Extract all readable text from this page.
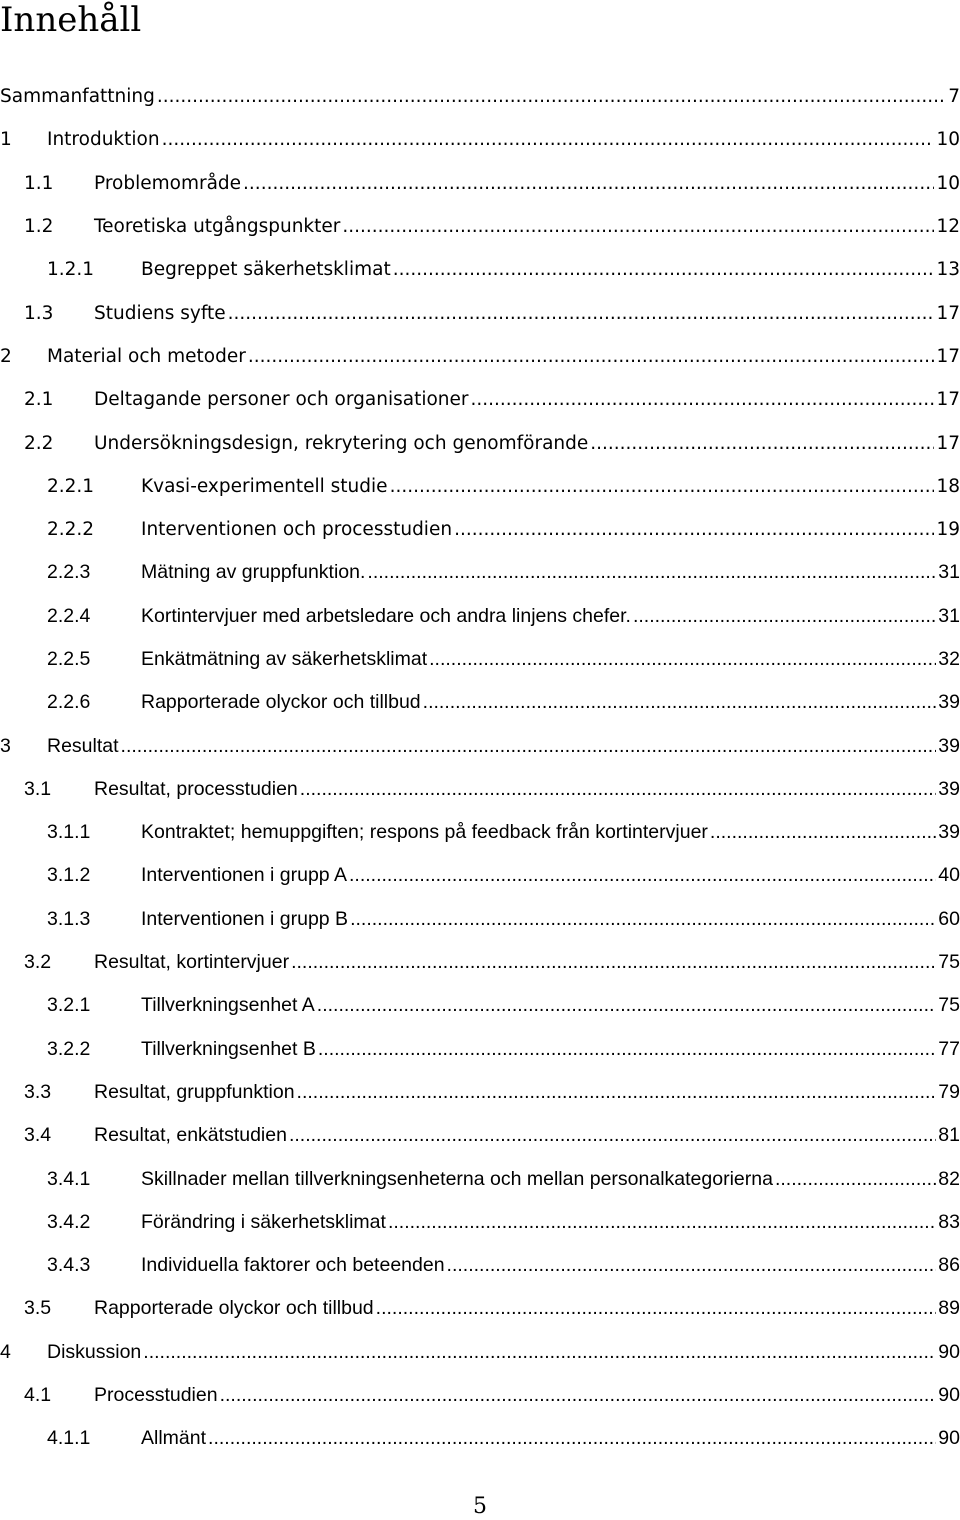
Innehåll
Sammanfattning .....	7
1 Introduktion .....	10
1.1 Problemområde .....	10
1.2 Teoretiska utgångspunkter .....	12
1.2.1	Begreppet säkerhetsklimat .....	13
1.3 Studiens syfte .....	17
2 Material och metoder .....	17
2.1 Deltagande personer och organisationer .....	17
2.2 Undersökningsdesign, rekrytering och genomförande .....	17
2.2.1	Kvasi-experimentell studie .....	18
2.2.2	Interventionen och processtudien .....	19
2.2.3	Mätning av gruppfunktion. .....	31
2.2.4	Kortintervjuer med arbetsledare och andra linjens chefer. .....	31
2.2.5	Enkätmätning av säkerhetsklimat .....	32
2.2.6	Rapporterade olyckor och tillbud .....	39
3 Resultat .....	39
3.1 Resultat, processtudien .....	39
3.1.1	Kontraktet; hemuppgiften; respons på feedback från kortintervjuer .....	39
3.1.2	Interventionen i grupp A .....	40
3.1.3	Interventionen i grupp B .....	60
3.2 Resultat, kortintervjuer .....	75
3.2.1	Tillverkningsenhet A .....	75
3.2.2	Tillverkningsenhet B .....	77
3.3 Resultat, gruppfunktion .....	79
3.4 Resultat, enkätstudien .....	81
3.4.1	Skillnader mellan tillverkningsenheterna och mellan personalkategorierna .....	82
3.4.2	Förändring i säkerhetsklimat .....	83
3.4.3	Individuella faktorer och beteenden .....	86
3.5 Rapporterade olyckor och tillbud .....	89
4 Diskussion .....	90
4.1 Processtudien .....	90
4.1.1	Allmänt .....	90
5
